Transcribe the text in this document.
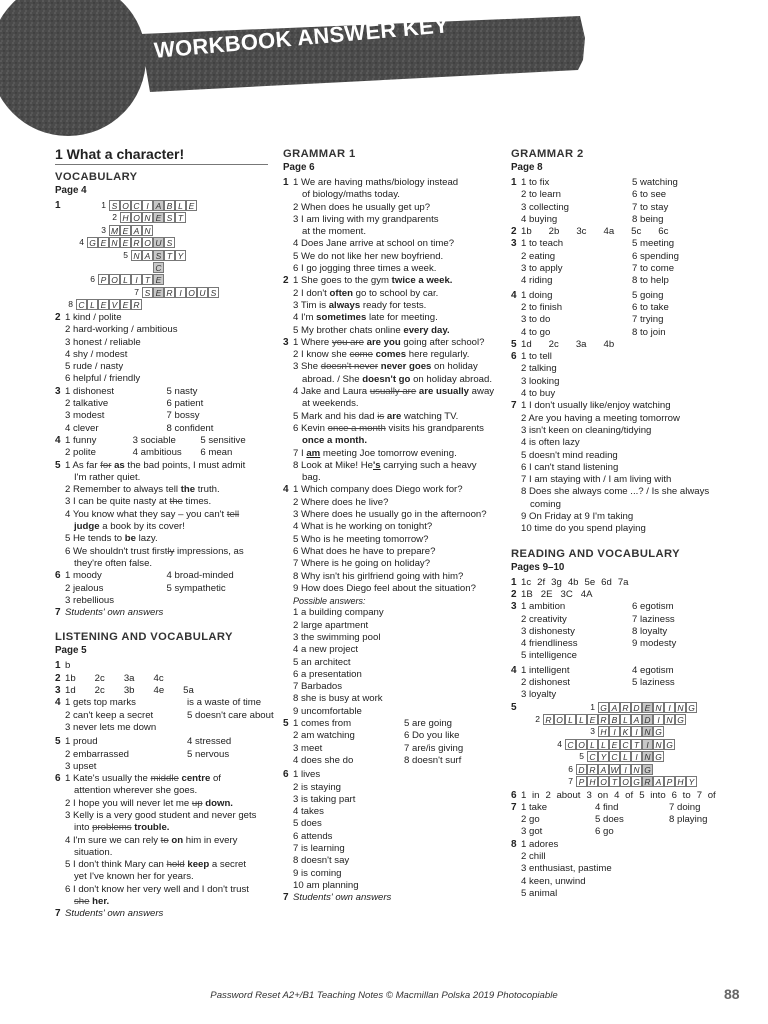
WORKBOOK ANSWER KEY
1 What a character!
VOCABULARY
Page 4
1	1 S O C I A B L E
2 H O N E S T
3 M E A N
4 G E N E R O U S
5 N A S T Y
C
6 P O L I T E
7 S E R I O U S
8 C L E V E R
2 1 kind / polite
2 hard-working / ambitious
3 honest / reliable
4 shy / modest
5 rude / nasty
6 helpful / friendly
3 1 dishonest	5 nasty
2 talkative	6 patient
3 modest	7 bossy
4 clever	8 confident
4 1 funny	3 sociable	5 sensitive
2 polite	4 ambitious	6 mean
5 1 As far for as the bad points, I must admit
I'm rather quiet.
2 Remember to always tell the truth.
3 I can be quite nasty at the times.
4 You know what they say – you can't tell
judge a book by its cover!
5 He tends to be lazy.
6 We shouldn't trust firstly impressions, as
they're often false.
6 1 moody	4 broad-minded
2 jealous	5 sympathetic
3 rebellious
7 Students' own answers
LISTENING AND VOCABULARY
Page 5
1 b
2 1b 2c 3a 4c
3 1d 2c 3b 4e 5a
4 1 gets top marks	is a waste of time
2 can't keep a secret	5 doesn't care about
3 never lets me down
5 1 proud	4 stressed
2 embarrassed	5 nervous
3 upset
6 1 Kate's usually the middle centre of
attention wherever she goes.
2 I hope you will never let me up down.
3 Kelly is a very good student and never gets
into problems trouble.
4 I'm sure we can rely to on him in every
situation.
5 I don't think Mary can hold keep a secret
yet I've known her for years.
6 I don't know her very well and I don't trust
she her.
7 Students' own answers
GRAMMAR 1
Page 6
1 1 We are having maths/biology instead
of biology/maths today.
2 When does he usually get up?
3 I am living with my grandparents
at the moment.
4 Does Jane arrive at school on time?
5 We do not like her new boyfriend.
6 I go jogging three times a week.
2 1 She goes to the gym twice a week.
2 I don't often go to school by car.
3 Tim is always ready for tests.
4 I'm sometimes late for meeting.
5 My brother chats online every day.
3 1 Where you are are you going after school?
2 I know she come comes here regularly.
3 She doesn't never never goes on holiday
abroad. / She doesn't go on holiday abroad.
4 Jake and Laura usually are are usually away
at weekends.
5 Mark and his dad is are watching TV.
6 Kevin once a month visits his grandparents
once a month.
7 I am meeting Joe tomorrow evening.
8 Look at Mike! He's carrying such a heavy
bag.
4 1 Which company does Diego work for?
2 Where does he live?
3 Where does he usually go in the afternoon?
4 What is he working on tonight?
5 Who is he meeting tomorrow?
6 What does he have to prepare?
7 Where is he going on holiday?
8 Why isn't his girlfriend going with him?
9 How does Diego feel about the situation?
Possible answers:
1 a building company
2 large apartment
3 the swimming pool
4 a new project
5 an architect
6 a presentation
7 Barbados
8 she is busy at work
9 uncomfortable
5 1 comes from	5 are going
2 am watching	6 Do you like
3 meet	7 are/is giving
4 does she do	8 doesn't surf
6 1 lives
2 is staying
3 is taking part
4 takes
5 does
6 attends
7 is learning
8 doesn't say
9 is coming
10 am planning
7 Students' own answers
GRAMMAR 2
Page 8
1 1 to fix	5 watching
2 to learn	6 to see
3 collecting	7 to stay
4 buying	8 being
2 1b 2b 3c 4a 5c 6c
3 1 to teach	5 meeting
2 eating	6 spending
3 to apply	7 to come
4 riding	8 to help
4 1 doing	5 going
2 to finish	6 to take
3 to do	7 trying
4 to go	8 to join
5 1d 2c 3a 4b
6 1 to tell
2 talking
3 looking
4 to buy
7 1 I don't usually like/enjoy watching
2 Are you having a meeting tomorrow
3 isn't keen on cleaning/tidying
4 is often lazy
5 doesn't mind reading
6 I can't stand listening
7 I am staying with / I am living with
8 Does she always come ...? / Is she always
coming
9 On Friday at 9 I'm taking
10 time do you spend playing
READING AND VOCABULARY
Pages 9–10
1 1c 2f 3g 4b 5e 6d 7a
2 1B 2E 3C 4A
3 1 ambition	6 egotism
2 creativity	7 laziness
3 dishonesty	8 loyalty
4 friendliness	9 modesty
5 intelligence
4 1 intelligent	4 egotism
2 dishonest	5 laziness
3 loyalty
5	1 G A R D E N I N G
2 R O L L E R B L A D I N G
3 H I K I N G
4 C O L L E C T I N G
5 C Y C L I N G
6 D R A W I N G
7 P H O T O G R A P H Y
6 1 in 2 about 3 on 4 of 5 into 6 to 7 of
7 1 take	4 find	7 doing
2 go	5 does	8 playing
3 got	6 go
8 1 adores
2 chill
3 enthusiast, pastime
4 keen, unwind
5 animal
Password Reset A2+/B1 Teaching Notes © Macmillan Polska 2019 Photocopiable	88
